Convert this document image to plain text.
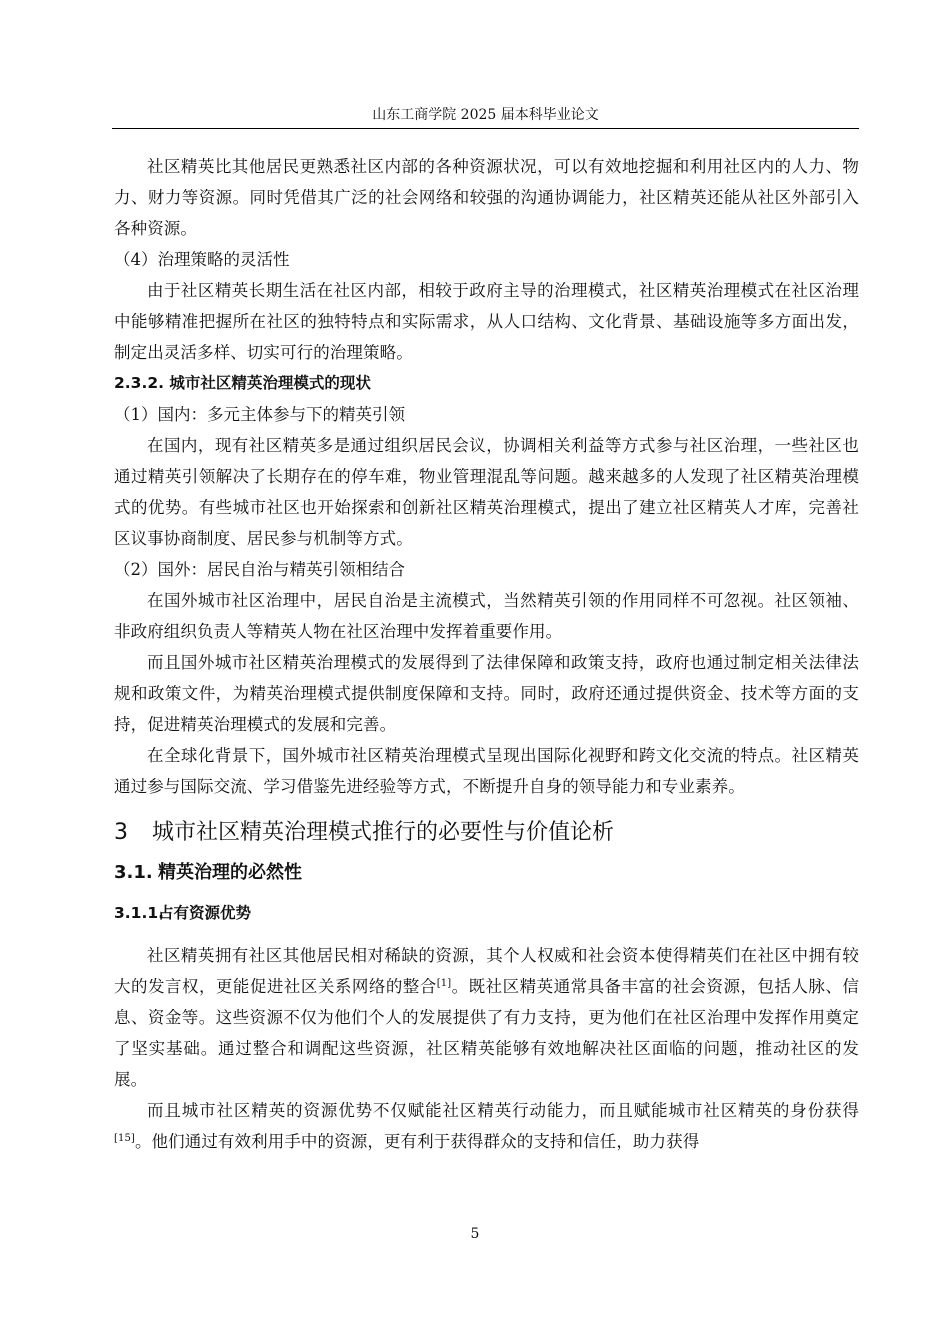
山东工商学院 2025 届本科毕业论文

社区精英比其他居民更熟悉社区内部的各种资源状况，可以有效地挖掘和利用社区内的人力、物力、财力等资源。同时凭借其广泛的社会网络和较强的沟通协调能力，社区精英还能从社区外部引入各种资源。

（4）治理策略的灵活性

由于社区精英长期生活在社区内部，相较于政府主导的治理模式，社区精英治理模式在社区治理中能够精准把握所在社区的独特特点和实际需求，从人口结构、文化背景、基础设施等多方面出发，制定出灵活多样、切实可行的治理策略。

2.3.2. 城市社区精英治理模式的现状

（1）国内：多元主体参与下的精英引领

在国内，现有社区精英多是通过组织居民会议，协调相关利益等方式参与社区治理，一些社区也通过精英引领解决了长期存在的停车难，物业管理混乱等问题。越来越多的人发现了社区精英治理模式的优势。有些城市社区也开始探索和创新社区精英治理模式，提出了建立社区精英人才库，完善社区议事协商制度、居民参与机制等方式。

（2）国外：居民自治与精英引领相结合

在国外城市社区治理中，居民自治是主流模式，当然精英引领的作用同样不可忽视。社区领袖、非政府组织负责人等精英人物在社区治理中发挥着重要作用。

而且国外城市社区精英治理模式的发展得到了法律保障和政策支持，政府也通过制定相关法律法规和政策文件，为精英治理模式提供制度保障和支持。同时，政府还通过提供资金、技术等方面的支持，促进精英治理模式的发展和完善。

在全球化背景下，国外城市社区精英治理模式呈现出国际化视野和跨文化交流的特点。社区精英通过参与国际交流、学习借鉴先进经验等方式，不断提升自身的领导能力和专业素养。

3 城市社区精英治理模式推行的必要性与价值论析
3.1. 精英治理的必然性
3.1.1.占有资源优势

社区精英拥有社区其他居民相对稀缺的资源，其个人权威和社会资本使得精英们在社区中拥有较大的发言权，更能促进社区关系网络的整合[1]。既社区精英通常具备丰富的社会资源，包括人脉、信息、资金等。这些资源不仅为他们个人的发展提供了有力支持，更为他们在社区治理中发挥作用奠定了坚实基础。通过整合和调配这些资源，社区精英能够有效地解决社区面临的问题，推动社区的发展。

而且城市社区精英的资源优势不仅赋能社区精英行动能力，而且赋能城市社区精英的身份获得[15]。他们通过有效利用手中的资源，更有利于获得群众的支持和信任，助力获得

5
